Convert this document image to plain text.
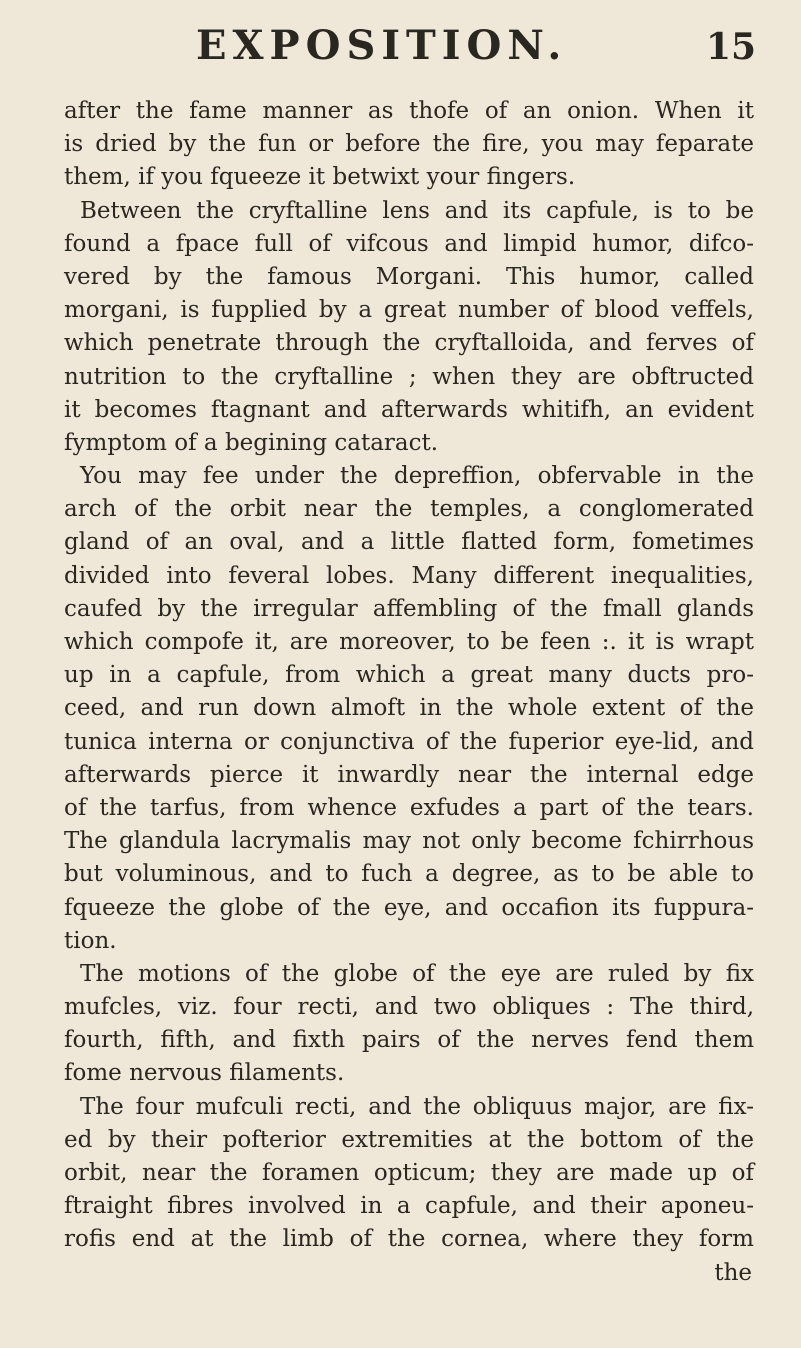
EXPOSITION.	15
after the fame manner as thofe of an onion. When it
is dried by the fun or before the fire, you may feparate
them, if you fqueeze it betwixt your fingers.
Between the cryftalline lens and its capfule, is to be
found a fpace full of vifcous and limpid humor, difco-
vered by the famous Morgani. This humor, called
morgani, is fupplied by a great number of blood veffels,
which penetrate through the cryftalloida, and ferves of
nutrition to the cryftalline ; when they are obftructed
it becomes ftagnant and afterwards whitifh, an evident
fymptom of a begining cataract.
You may fee under the depreffion, obfervable in the
arch of the orbit near the temples, a conglomerated
gland of an oval, and a little flatted form, fometimes
divided into feveral lobes. Many different inequalities,
caufed by the irregular affembling of the fmall glands
which compofe it, are moreover, to be feen :. it is wrapt
up in a capfule, from which a great many ducts pro-
ceed, and run down almoft in the whole extent of the
tunica interna or conjunctiva of the fuperior eye-lid, and
afterwards pierce it inwardly near the internal edge
of the tarfus, from whence exfudes a part of the tears.
The glandula lacrymalis may not only become fchirrhous
but voluminous, and to fuch a degree, as to be able to
fqueeze the globe of the eye, and occafion its fuppura-
tion.
The motions of the globe of the eye are ruled by fix
mufcles, viz. four recti, and two obliques : The third,
fourth, fifth, and fixth pairs of the nerves fend them
fome nervous filaments.
The four mufculi recti, and the obliquus major, are fix-
ed by their pofterior extremities at the bottom of the
orbit, near the foramen opticum; they are made up of
ftraight fibres involved in a capfule, and their aponeu-
rofis end at the limb of the cornea, where they form
the
